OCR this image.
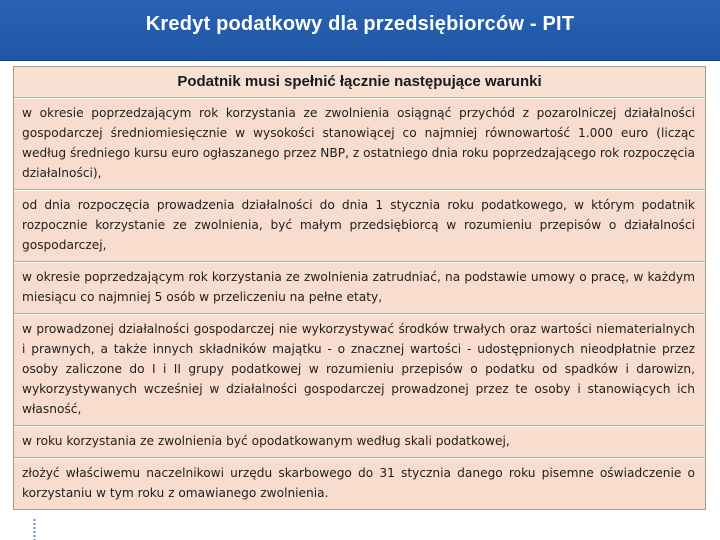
Kredyt podatkowy dla przedsiębiorców - PIT
Podatnik musi spełnić łącznie następujące warunki
w okresie poprzedzającym rok korzystania ze zwolnienia osiągnąć przychód z pozarolniczej działalności gospodarczej średniomiesięcznie w wysokości stanowiącej co najmniej równowartość 1.000 euro (licząc według średniego kursu euro ogłaszanego przez NBP, z ostatniego dnia roku poprzedzającego rok rozpoczęcia działalności),
od dnia rozpoczęcia prowadzenia działalności do dnia 1 stycznia roku podatkowego, w którym podatnik rozpocznie korzystanie ze zwolnienia, być małym przedsiębiorcą w rozumieniu przepisów o działalności gospodarczej,
w okresie poprzedzającym rok korzystania ze zwolnienia zatrudniać, na podstawie umowy o pracę, w każdym miesiącu co najmniej 5 osób w przeliczeniu na pełne etaty,
w prowadzonej działalności gospodarczej nie wykorzystywać środków trwałych oraz wartości niematerialnych i prawnych, a także innych składników majątku - o znacznej wartości - udostępnionych nieodpłatnie przez osoby zaliczone do I i II grupy podatkowej w rozumieniu przepisów o podatku od spadków i darowizn, wykorzystywanych wcześniej w działalności gospodarczej prowadzonej przez te osoby i stanowiących ich własność,
w roku korzystania ze zwolnienia być opodatkowanym według skali podatkowej,
złożyć właściwemu naczelnikowi urzędu skarbowego do 31 stycznia danego roku pisemne oświadczenie o korzystaniu w tym roku z omawianego zwolnienia.
